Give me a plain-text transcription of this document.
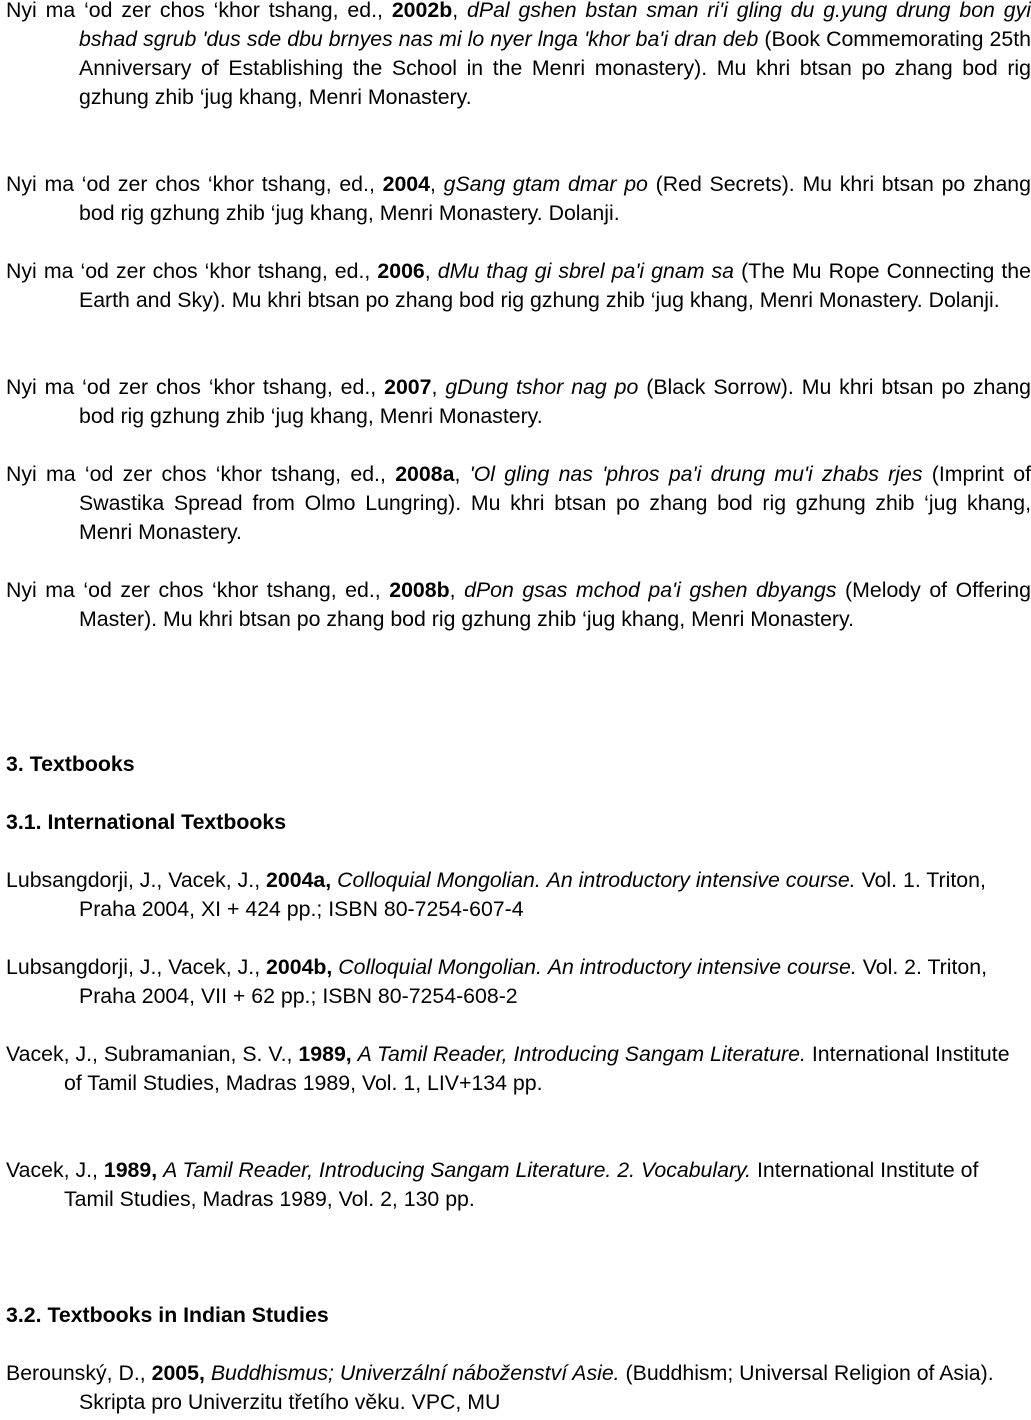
Nyi ma ‘od zer chos ‘khor tshang, ed., 2002b, dPal gshen bstan sman ri'i gling du g.yung drung bon gyi bshad sgrub 'dus sde dbu brnyes nas mi lo nyer lnga 'khor ba'i dran deb (Book Commemorating 25th Anniversary of Establishing the School in the Menri monastery). Mu khri btsan po zhang bod rig gzhung zhib ‘jug khang, Menri Monastery.

Nyi ma ‘od zer chos ‘khor tshang, ed., 2004, gSang gtam dmar po (Red Secrets). Mu khri btsan po zhang bod rig gzhung zhib ‘jug khang, Menri Monastery. Dolanji.

Nyi ma ‘od zer chos ‘khor tshang, ed., 2006, dMu thag gi sbrel pa'i gnam sa (The Mu Rope Connecting the Earth and Sky). Mu khri btsan po zhang bod rig gzhung zhib ‘jug khang, Menri Monastery. Dolanji.

Nyi ma ‘od zer chos ‘khor tshang, ed., 2007, gDung tshor nag po (Black Sorrow). Mu khri btsan po zhang bod rig gzhung zhib ‘jug khang, Menri Monastery.

Nyi ma ‘od zer chos ‘khor tshang, ed., 2008a, 'Ol gling nas 'phros pa'i drung mu'i zhabs rjes (Imprint of Swastika Spread from Olmo Lungring). Mu khri btsan po zhang bod rig gzhung zhib ‘jug khang, Menri Monastery.

Nyi ma ‘od zer chos ‘khor tshang, ed., 2008b, dPon gsas mchod pa'i gshen dbyangs (Melody of Offering Master). Mu khri btsan po zhang bod rig gzhung zhib ‘jug khang, Menri Monastery.

3. Textbooks

3.1. International Textbooks

Lubsangdorji, J., Vacek, J., 2004a, Colloquial Mongolian. An introductory intensive course. Vol. 1. Triton, Praha 2004, XI + 424 pp.; ISBN 80-7254-607-4

Lubsangdorji, J., Vacek, J., 2004b, Colloquial Mongolian. An introductory intensive course. Vol. 2. Triton, Praha 2004, VII + 62 pp.; ISBN 80-7254-608-2

Vacek, J., Subramanian, S. V., 1989, A Tamil Reader, Introducing Sangam Literature. International Institute of Tamil Studies, Madras 1989, Vol. 1, LIV+134 pp.

Vacek, J., 1989, A Tamil Reader, Introducing Sangam Literature. 2. Vocabulary. International Institute of Tamil Studies, Madras 1989, Vol. 2, 130 pp.

3.2. Textbooks in Indian Studies

Berounský, D., 2005, Buddhismus; Univerzální náboženství Asie. (Buddhism; Universal Religion of Asia). Skripta pro Univerzitu třetího věku. VPC, MU
